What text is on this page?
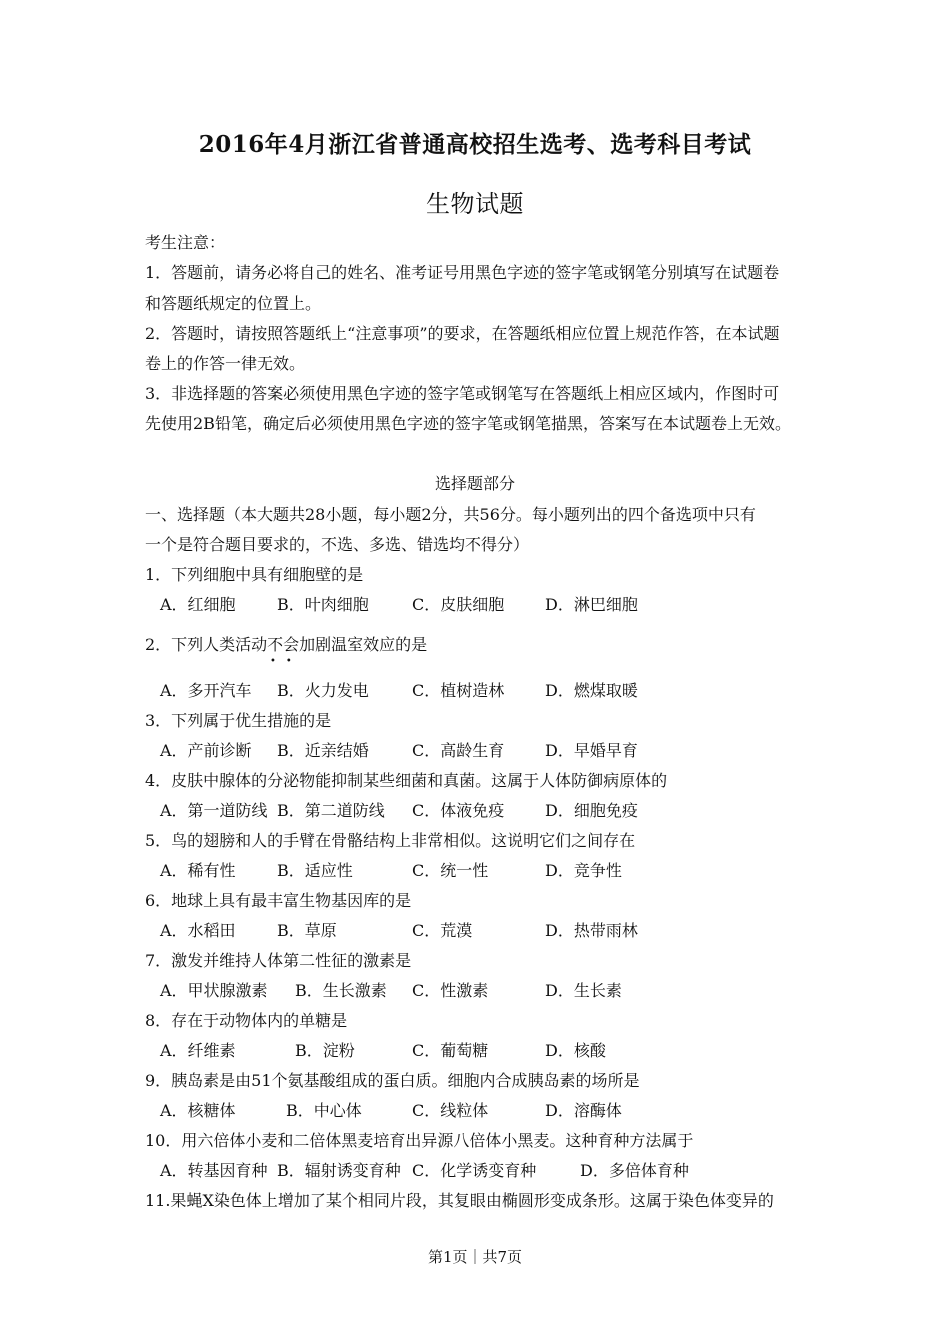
2016年4月浙江省普通高校招生选考、选考科目考试
生物试题
考生注意：
1．答题前，请务必将自己的姓名、准考证号用黑色字迹的签字笔或钢笔分别填写在试题卷
和答题纸规定的位置上。
2．答题时，请按照答题纸上“注意事项”的要求，在答题纸相应位置上规范作答，在本试题
卷上的作答一律无效。
3．非选择题的答案必须使用黑色字迹的签字笔或钢笔写在答题纸上相应区域内，作图时可
先使用2B铅笔，确定后必须使用黑色字迹的签字笔或钢笔描黑，答案写在本试题卷上无效。
选择题部分
一、选择题（本大题共28小题，每小题2分，共56分。每小题列出的四个备选项中只有
一个是符合题目要求的，不选、多选、错选均不得分）
1．下列细胞中具有细胞壁的是
A．红细胞	B．叶肉细胞	C．皮肤细胞	D．淋巴细胞
2．下列人类活动不会加剧温室效应的是
••
A．多开汽车 B．火力发电	C．植树造林	D．燃煤取暖
3．下列属于优生措施的是
A．产前诊断 B．近亲结婚	C．高龄生育	D．早婚早育
4．皮肤中腺体的分泌物能抑制某些细菌和真菌。这属于人体防御病原体的
A．第一道防线 B．第二道防线 C．体液免疫	D．细胞免疫
5．鸟的翅膀和人的手臂在骨骼结构上非常相似。这说明它们之间存在
A．稀有性	B．适应性	C．统一性	D．竞争性
6．地球上具有最丰富生物基因库的是
A．水稻田	B．草原	C．荒漠	D．热带雨林
7．激发并维持人体第二性征的激素是
A．甲状腺激素 B．生长激素 C．性激素	D．生长素
8．存在于动物体内的单糖是
A．纤维素	B．淀粉	C．葡萄糖	D．核酸
9．胰岛素是由51个氨基酸组成的蛋白质。细胞内合成胰岛素的场所是
A．核糖体	B．中心体	C．线粒体	D．溶酶体
10．用六倍体小麦和二倍体黑麦培育出异源八倍体小黑麦。这种育种方法属于
A．转基因育种 B．辐射诱变育种 C．化学诱变育种	D．多倍体育种
11.果蝇X染色体上增加了某个相同片段，其复眼由椭圆形变成条形。这属于染色体变异的
第1页｜共7页
